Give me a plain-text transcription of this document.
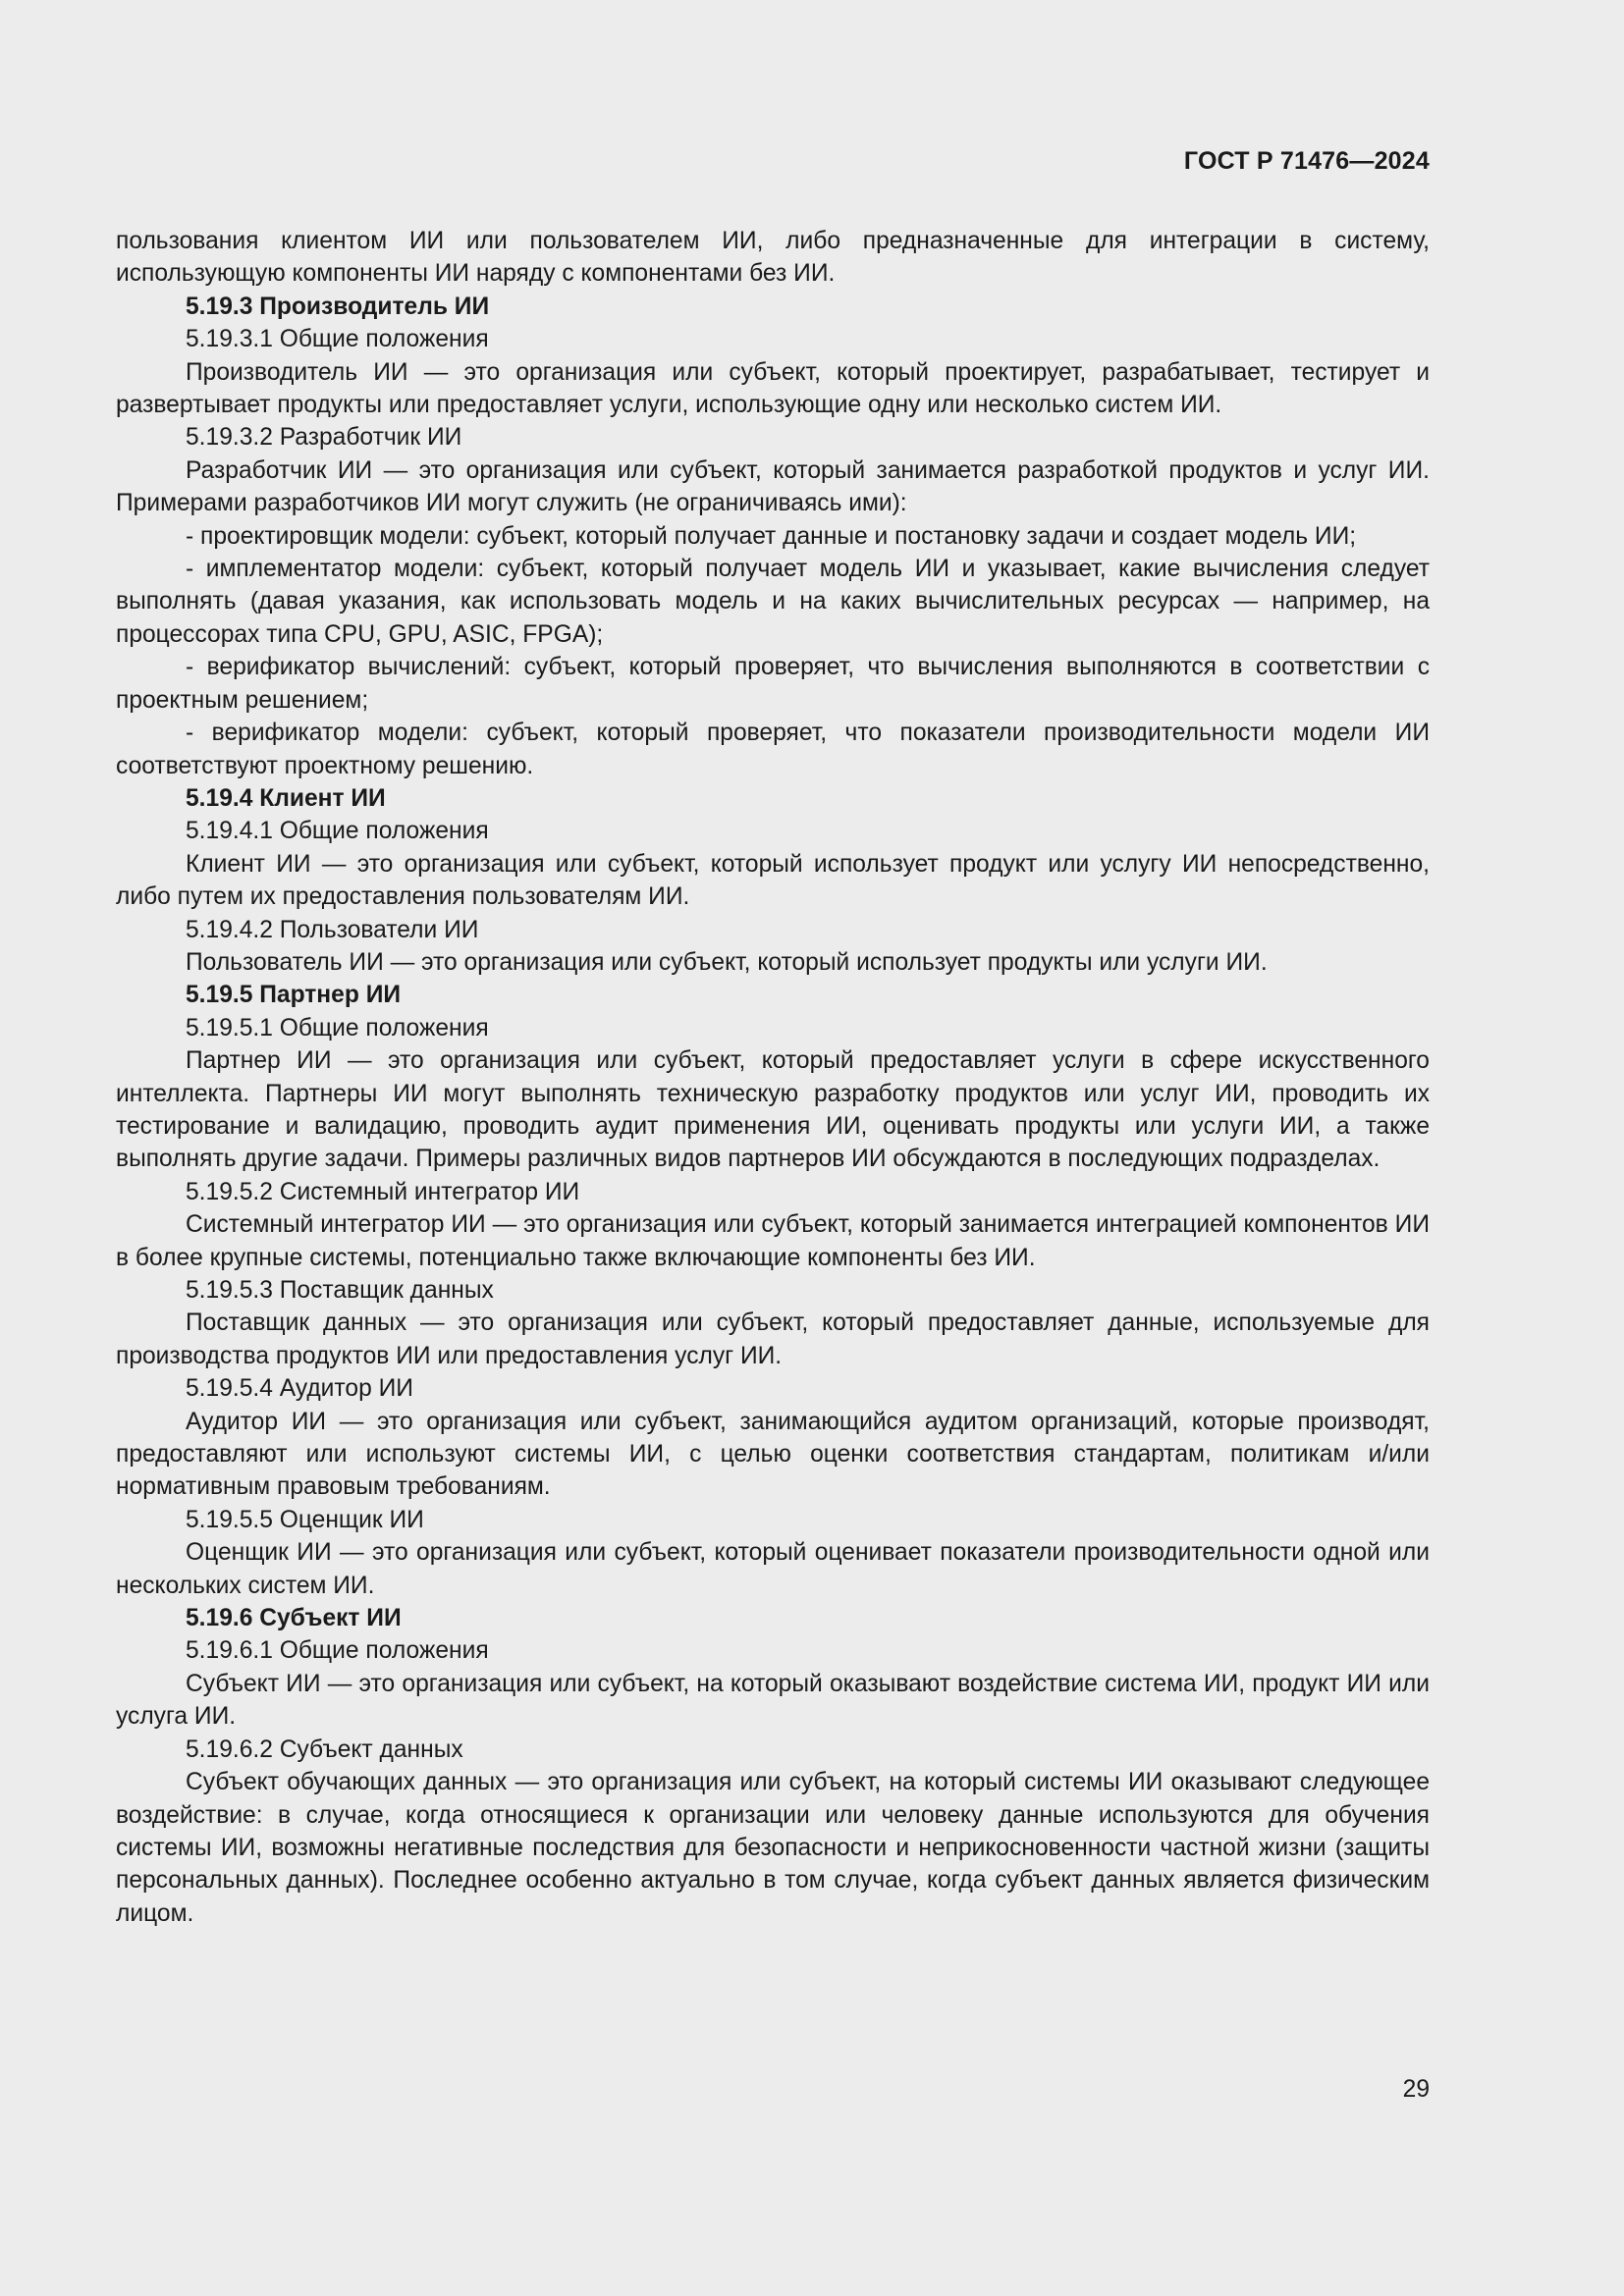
ГОСТ Р 71476—2024

пользования клиентом ИИ или пользователем ИИ, либо предназначенные для интеграции в систему, использующую компоненты ИИ наряду с компонентами без ИИ.

5.19.3 Производитель ИИ

5.19.3.1 Общие положения

Производитель ИИ — это организация или субъект, который проектирует, разрабатывает, тестирует и развертывает продукты или предоставляет услуги, использующие одну или несколько систем ИИ.

5.19.3.2 Разработчик ИИ

Разработчик ИИ — это организация или субъект, который занимается разработкой продуктов и услуг ИИ. Примерами разработчиков ИИ могут служить (не ограничиваясь ими):

- проектировщик модели: субъект, который получает данные и постановку задачи и создает модель ИИ;

- имплементатор модели: субъект, который получает модель ИИ и указывает, какие вычисления следует выполнять (давая указания, как использовать модель и на каких вычислительных ресурсах — например, на процессорах типа CPU, GPU, ASIC, FPGA);

- верификатор вычислений: субъект, который проверяет, что вычисления выполняются в соответствии с проектным решением;

- верификатор модели: субъект, который проверяет, что показатели производительности модели ИИ соответствуют проектному решению.

5.19.4 Клиент ИИ

5.19.4.1 Общие положения

Клиент ИИ — это организация или субъект, который использует продукт или услугу ИИ непосредственно, либо путем их предоставления пользователям ИИ.

5.19.4.2 Пользователи ИИ

Пользователь ИИ — это организация или субъект, который использует продукты или услуги ИИ.

5.19.5 Партнер ИИ

5.19.5.1 Общие положения

Партнер ИИ — это организация или субъект, который предоставляет услуги в сфере искусственного интеллекта. Партнеры ИИ могут выполнять техническую разработку продуктов или услуг ИИ, проводить их тестирование и валидацию, проводить аудит применения ИИ, оценивать продукты или услуги ИИ, а также выполнять другие задачи. Примеры различных видов партнеров ИИ обсуждаются в последующих подразделах.

5.19.5.2 Системный интегратор ИИ

Системный интегратор ИИ — это организация или субъект, который занимается интеграцией компонентов ИИ в более крупные системы, потенциально также включающие компоненты без ИИ.

5.19.5.3 Поставщик данных

Поставщик данных — это организация или субъект, который предоставляет данные, используемые для производства продуктов ИИ или предоставления услуг ИИ.

5.19.5.4 Аудитор ИИ

Аудитор ИИ — это организация или субъект, занимающийся аудитом организаций, которые производят, предоставляют или используют системы ИИ, с целью оценки соответствия стандартам, политикам и/или нормативным правовым требованиям.

5.19.5.5 Оценщик ИИ

Оценщик ИИ — это организация или субъект, который оценивает показатели производительности одной или нескольких систем ИИ.

5.19.6 Субъект ИИ

5.19.6.1 Общие положения

Субъект ИИ — это организация или субъект, на который оказывают воздействие система ИИ, продукт ИИ или услуга ИИ.

5.19.6.2 Субъект данных

Субъект обучающих данных — это организация или субъект, на который системы ИИ оказывают следующее воздействие: в случае, когда относящиеся к организации или человеку данные используются для обучения системы ИИ, возможны негативные последствия для безопасности и неприкосновенности частной жизни (защиты персональных данных). Последнее особенно актуально в том случае, когда субъект данных является физическим лицом.

29
